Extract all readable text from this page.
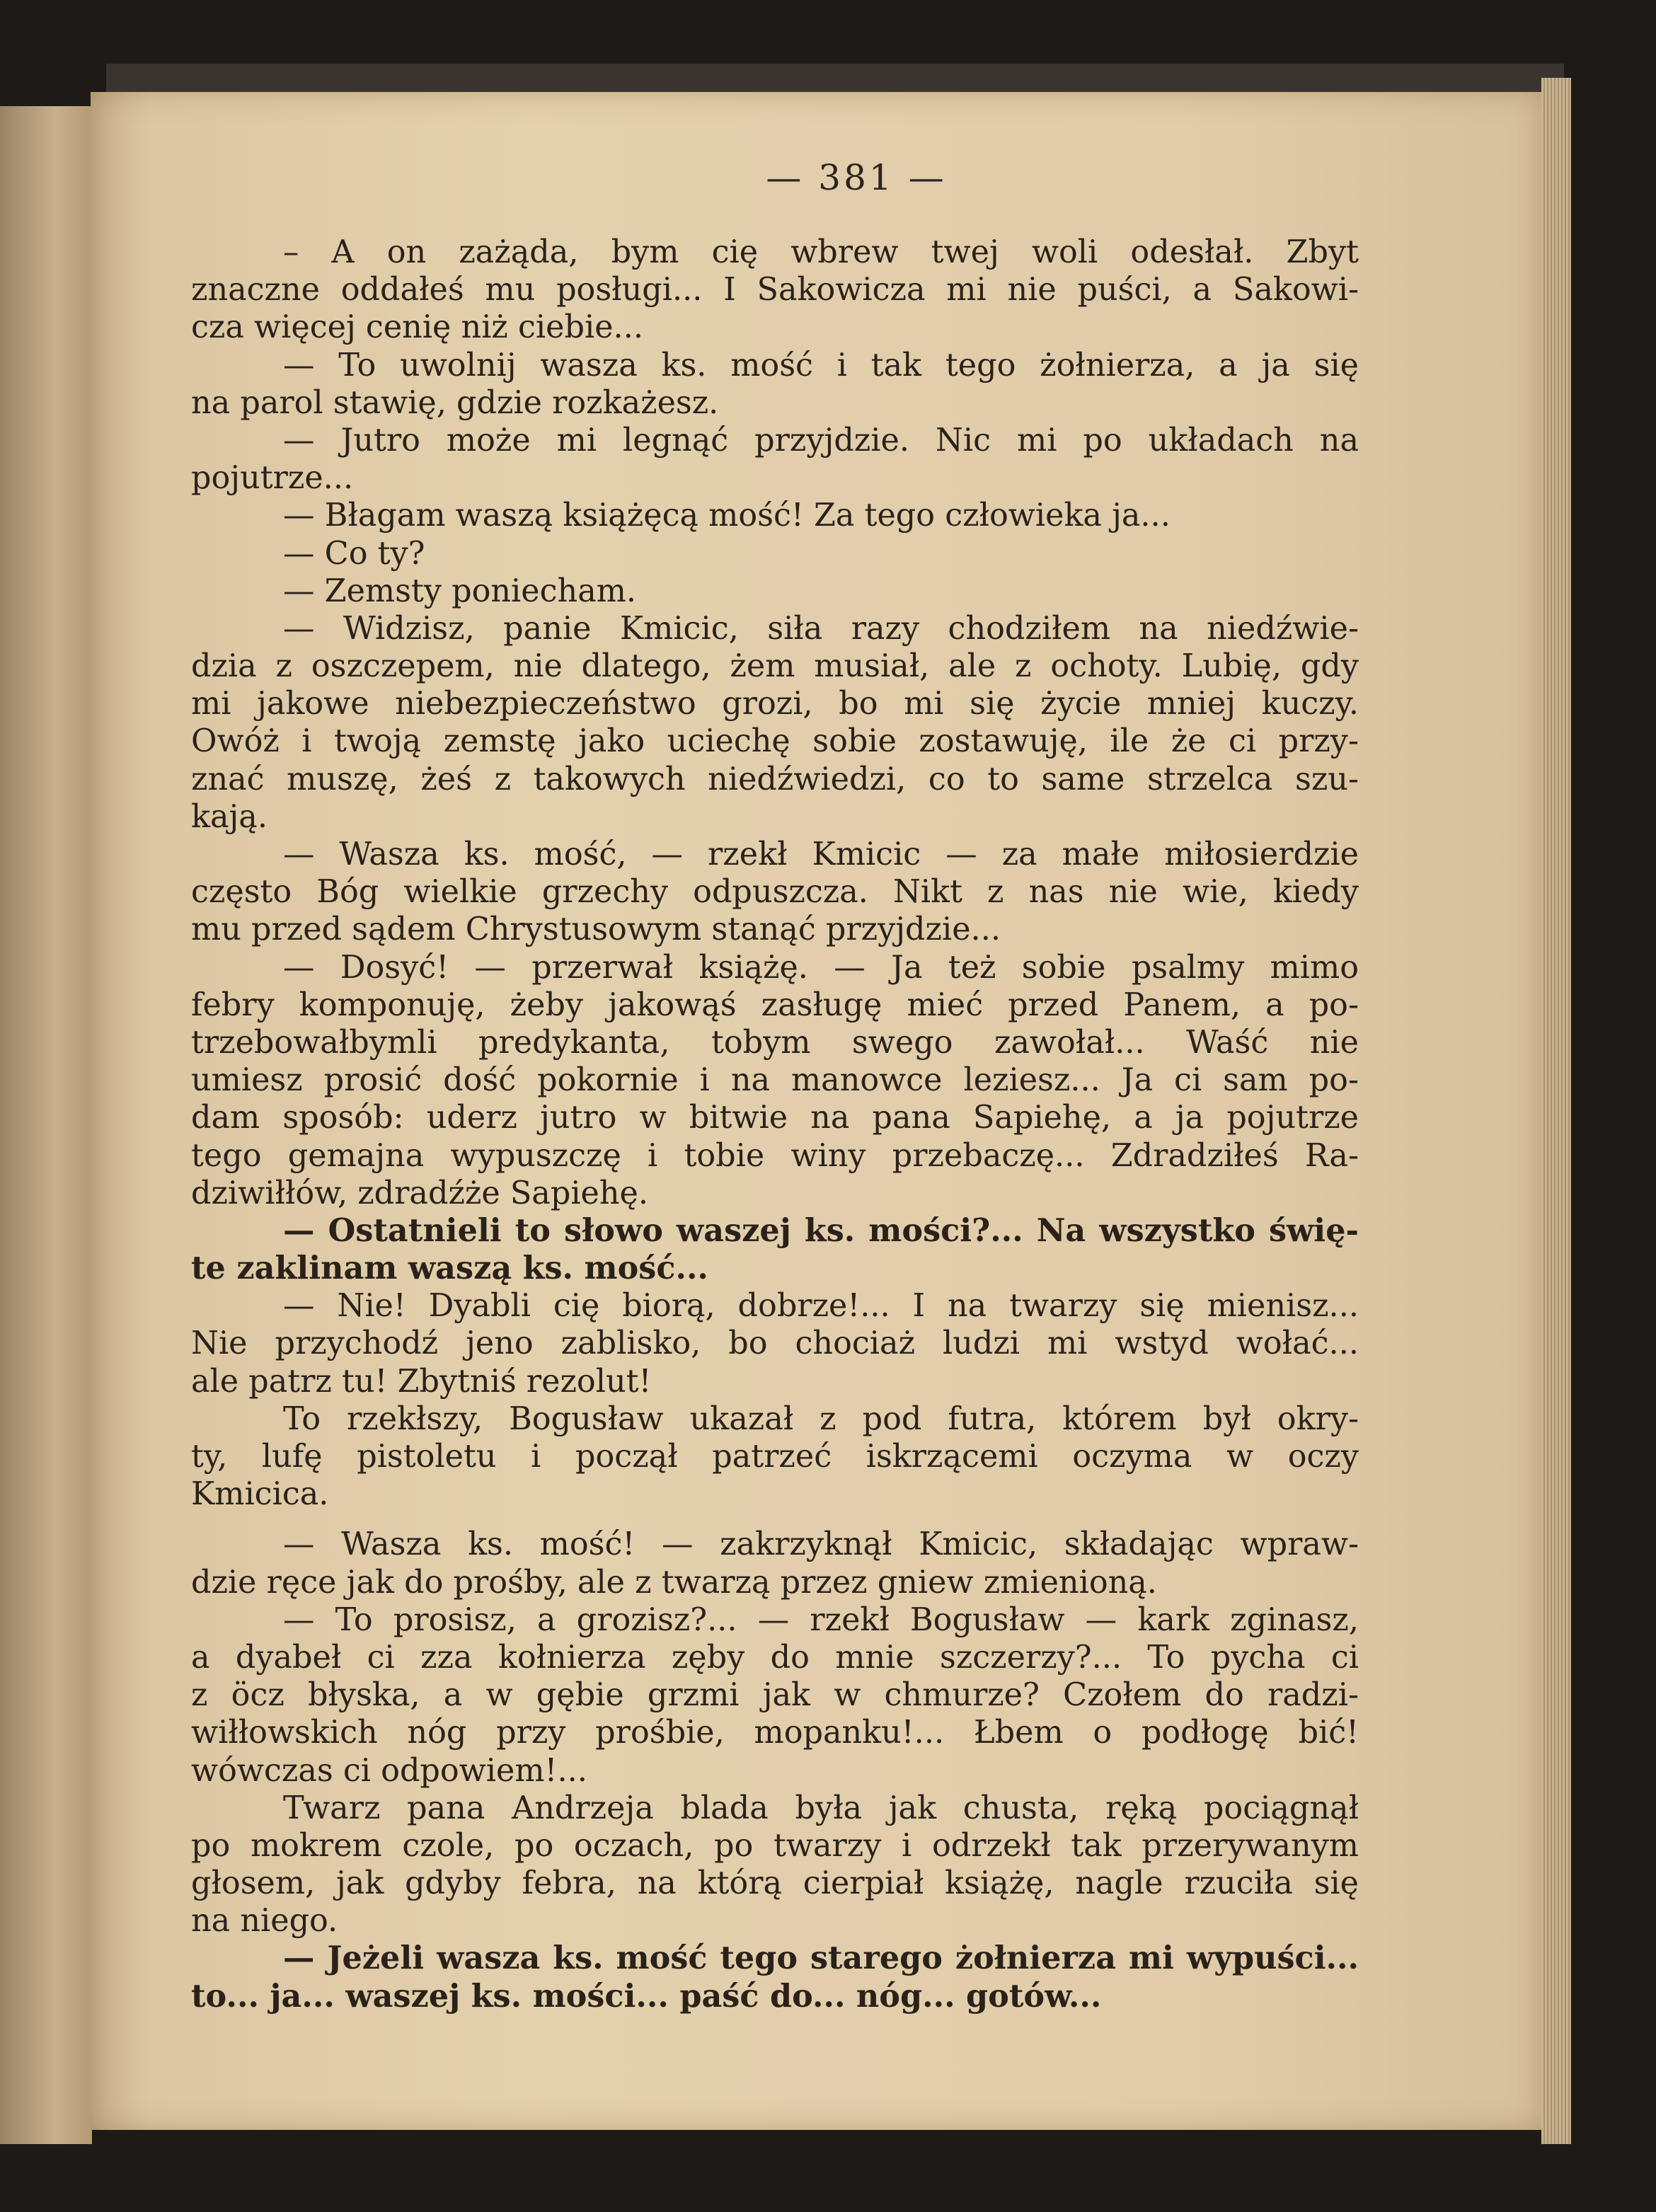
— 381 —
– A on zażąda, bym cię wbrew twej woli odesłał. Zbyt
znaczne oddałeś mu posługi... I Sakowicza mi nie puści, a Sakowi-
cza więcej cenię niż ciebie...
— To uwolnij wasza ks. mość i tak tego żołnierza, a ja się
na parol stawię, gdzie rozkażesz.
— Jutro może mi legnąć przyjdzie. Nic mi po układach na
pojutrze...
— Błagam waszą książęcą mość! Za tego człowieka ja...
— Co ty?
— Zemsty poniecham.
— Widzisz, panie Kmicic, siła razy chodziłem na niedźwie-
dzia z oszczepem, nie dlatego, żem musiał, ale z ochoty. Lubię, gdy
mi jakowe niebezpieczeństwo grozi, bo mi się życie mniej kuczy.
Owóż i twoją zemstę jako uciechę sobie zostawuję, ile że ci przy-
znać muszę, żeś z takowych niedźwiedzi, co to same strzelca szu-
kają.
— Wasza ks. mość, — rzekł Kmicic — za małe miłosierdzie
często Bóg wielkie grzechy odpuszcza. Nikt z nas nie wie, kiedy
mu przed sądem Chrystusowym stanąć przyjdzie...
— Dosyć! — przerwał książę. — Ja też sobie psalmy mimo
febry komponuję, żeby jakowąś zasługę mieć przed Panem, a po-
trzebowałbymli predykanta, tobym swego zawołał... Waść nie
umiesz prosić dość pokornie i na manowce leziesz... Ja ci sam po-
dam sposób: uderz jutro w bitwie na pana Sapiehę, a ja pojutrze
tego gemajna wypuszczę i tobie winy przebaczę... Zdradziłeś Ra-
dziwiłłów, zdradźże Sapiehę.
— Ostatnieli to słowo waszej ks. mości?... Na wszystko świę-
te zaklinam waszą ks. mość...
— Nie! Dyabli cię biorą, dobrze!... I na twarzy się mienisz...
Nie przychodź jeno zablisko, bo chociaż ludzi mi wstyd wołać...
ale patrz tu! Zbytniś rezolut!
To rzekłszy, Bogusław ukazał z pod futra, którem był okry-
ty, lufę pistoletu i począł patrzeć iskrzącemi oczyma w oczy
Kmicica.
— Wasza ks. mość! — zakrzyknął Kmicic, składając wpraw-
dzie ręce jak do prośby, ale z twarzą przez gniew zmienioną.
— To prosisz, a grozisz?... — rzekł Bogusław — kark zginasz,
a dyabeł ci zza kołnierza zęby do mnie szczerzy?... To pycha ci
z öcz błyska, a w gębie grzmi jak w chmurze? Czołem do radzi-
wiłłowskich nóg przy prośbie, mopanku!... Łbem o podłogę bić!
wówczas ci odpowiem!...
Twarz pana Andrzeja blada była jak chusta, ręką pociągnął
po mokrem czole, po oczach, po twarzy i odrzekł tak przerywanym
głosem, jak gdyby febra, na którą cierpiał książę, nagle rzuciła się
na niego.
— Jeżeli wasza ks. mość tego starego żołnierza mi wypuści...
to... ja... waszej ks. mości... paść do... nóg... gotów...
